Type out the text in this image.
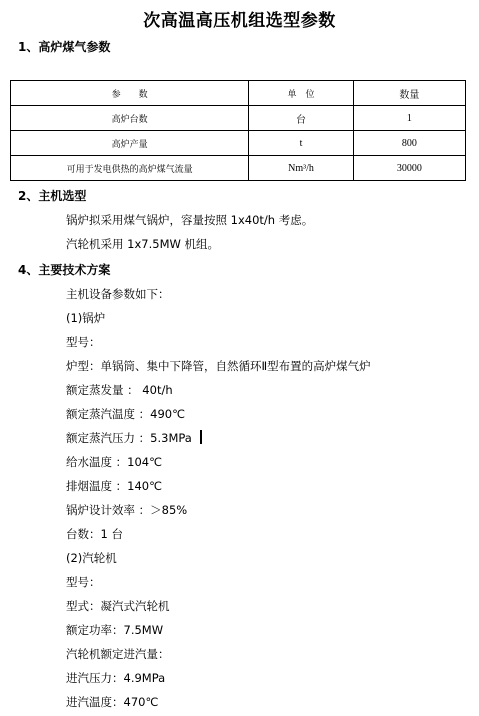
次高温高压机组选型参数
1、高炉煤气参数
参　　数	单　位	数量
高炉台数	台	1
高炉产量	t	800
可用于发电供热的高炉煤气流量	Nm³/h	30000
2、主机选型
锅炉拟采用煤气锅炉，容量按照 1x40t/h 考虑。
汽轮机采用 1x7.5MW 机组。
4、主要技术方案
主机设备参数如下：
(1)锅炉
型号：
炉型：单锅筒、集中下降管，自然循环Ⅱ型布置的高炉煤气炉
额定蒸发量 ： 40t/h
额定蒸汽温度 ：490℃
额定蒸汽压力 ：5.3MPa
给水温度 ：104℃
排烟温度 ：140℃
锅炉设计效率 ：＞85%
台数：1 台
(2)汽轮机
型号：
型式：凝汽式汽轮机
额定功率：7.5MW
汽轮机额定进汽量：
进汽压力：4.9MPa
进汽温度：470℃
